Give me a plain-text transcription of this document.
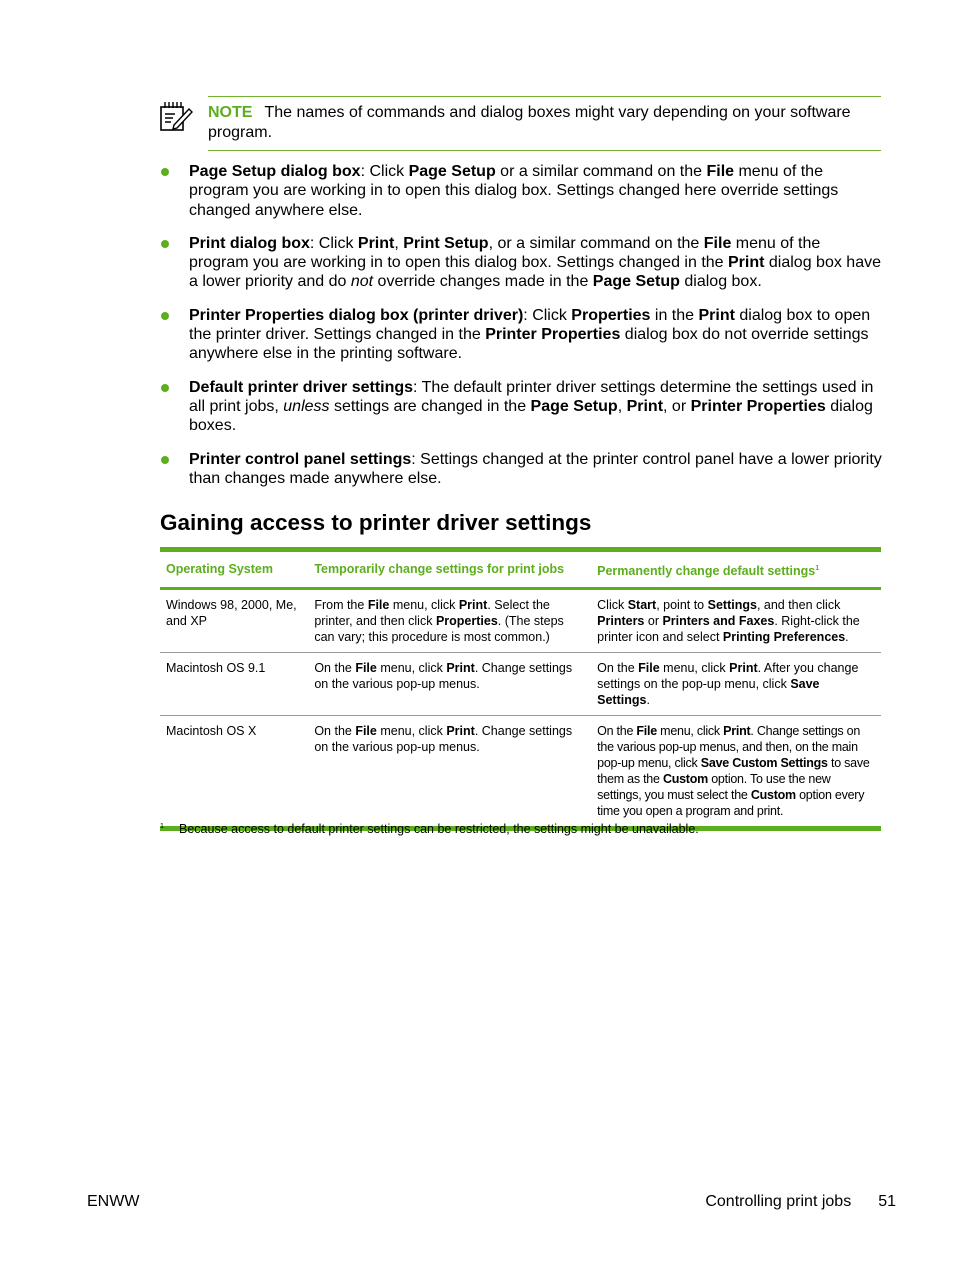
NOTE The names of commands and dialog boxes might vary depending on your software program.
Page Setup dialog box: Click Page Setup or a similar command on the File menu of the program you are working in to open this dialog box. Settings changed here override settings changed anywhere else.
Print dialog box: Click Print, Print Setup, or a similar command on the File menu of the program you are working in to open this dialog box. Settings changed in the Print dialog box have a lower priority and do not override changes made in the Page Setup dialog box.
Printer Properties dialog box (printer driver): Click Properties in the Print dialog box to open the printer driver. Settings changed in the Printer Properties dialog box do not override settings anywhere else in the printing software.
Default printer driver settings: The default printer driver settings determine the settings used in all print jobs, unless settings are changed in the Page Setup, Print, or Printer Properties dialog boxes.
Printer control panel settings: Settings changed at the printer control panel have a lower priority than changes made anywhere else.
Gaining access to printer driver settings
Operating System	Temporarily change settings for print jobs	Permanently change default settings$^1$
Windows 98, 2000, Me, and XP	From the File menu, click Print. Select the printer, and then click Properties. (The steps can vary; this procedure is most common.)	Click Start, point to Settings, and then click Printers or Printers and Faxes. Right-click the printer icon and select Printing Preferences.
Macintosh OS 9.1	On the File menu, click Print. Change settings on the various pop-up menus.	On the File menu, click Print. After you change settings on the pop-up menu, click Save Settings.
Macintosh OS X	On the File menu, click Print. Change settings on the various pop-up menus.	On the File menu, click Print. Change settings on the various pop-up menus, and then, on the main pop-up menu, click Save Custom Settings to save them as the Custom option. To use the new settings, you must select the Custom option every time you open a program and print.
$^1$ Because access to default printer settings can be restricted, the settings might be unavailable.
ENWW	Controlling print jobs 51
